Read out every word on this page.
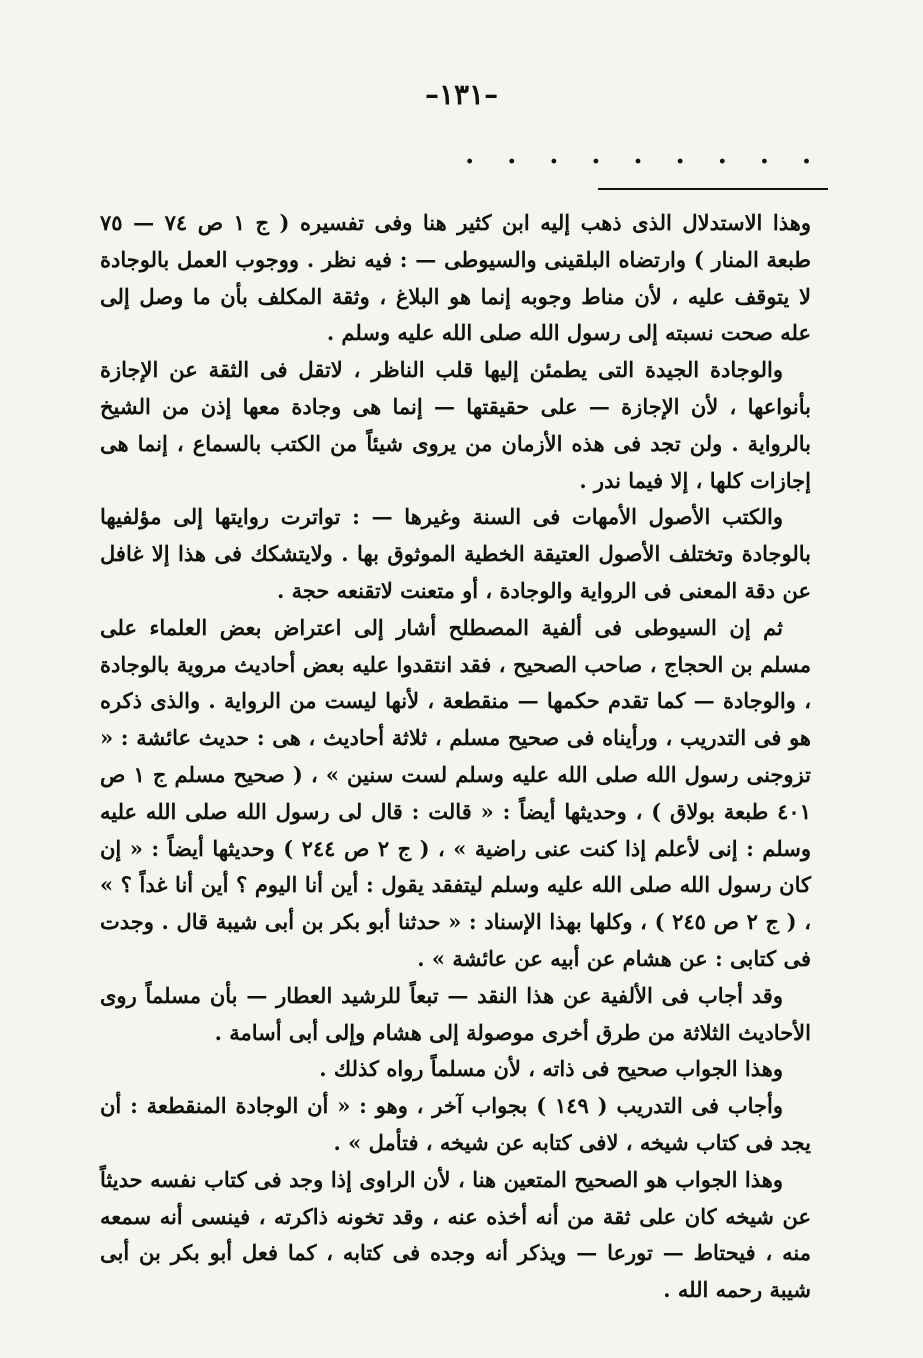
–١٣١–
. . . . . . . . .

وهذا الاستدلال الذى ذهب إليه ابن كثير هنا وفى تفسيره ( ج ١ ص ٧٤ — ٧٥ طبعة المنار ) وارتضاه البلقينى والسيوطى — : فيه نظر . ووجوب العمل بالوجادة لا يتوقف عليه ، لأن مناط وجوبه إنما هو البلاغ ، وثقة المكلف بأن ما وصل إلى عله صحت نسبته إلى رسول الله صلى الله عليه وسلم .

والوجادة الجيدة التى يطمئن إليها قلب الناظر ، لاتقل فى الثقة عن الإجازة بأنواعها ، لأن الإجازة — على حقيقتها — إنما هى وجادة معها إذن من الشيخ بالرواية . ولن تجد فى هذه الأزمان من يروى شيئاً من الكتب بالسماع ، إنما هى إجازات كلها ، إلا فيما ندر .

والكتب الأصول الأمهات فى السنة وغيرها — : تواترت روايتها إلى مؤلفيها بالوجادة وتختلف الأصول العتيقة الخطية الموثوق بها . ولايتشكك فى هذا إلا غافل عن دقة المعنى فى الرواية والوجادة ، أو متعنت لاتقنعه حجة .

ثم إن السيوطى فى ألفية المصطلح أشار إلى اعتراض بعض العلماء على مسلم بن الحجاج ، صاحب الصحيح ، فقد انتقدوا عليه بعض أحاديث مروية بالوجادة ، والوجادة — كما تقدم حكمها — منقطعة ، لأنها ليست من الرواية . والذى ذكره هو فى التدريب ، ورأيناه فى صحيح مسلم ، ثلاثة أحاديث ، هى : حديث عائشة : « تزوجنى رسول الله صلى الله عليه وسلم لست سنين » ، ( صحيح مسلم ج ١ ص ٤٠١ طبعة بولاق ) ، وحديثها أيضاً : « قالت : قال لى رسول الله صلى الله عليه وسلم : إنى لأعلم إذا كنت عنى راضية » ، ( ج ٢ ص ٢٤٤ ) وحديثها أيضاً : « إن كان رسول الله صلى الله عليه وسلم ليتفقد يقول : أين أنا اليوم ؟ أين أنا غداً ؟ » ، ( ج ٢ ص ٢٤٥ ) ، وكلها بهذا الإسناد : « حدثنا أبو بكر بن أبى شيبة قال . وجدت فى كتابى : عن هشام عن أبيه عن عائشة » .

وقد أجاب فى الألفية عن هذا النقد — تبعاً للرشيد العطار — بأن مسلماً روى الأحاديث الثلاثة من طرق أخرى موصولة إلى هشام وإلى أبى أسامة .

وهذا الجواب صحيح فى ذاته ، لأن مسلماً رواه كذلك .

وأجاب فى التدريب ( ١٤٩ ) بجواب آخر ، وهو : « أن الوجادة المنقطعة : أن يجد فى كتاب شيخه ، لافى كتابه عن شيخه ، فتأمل » .

وهذا الجواب هو الصحيح المتعين هنا ، لأن الراوى إذا وجد فى كتاب نفسه حديثاً عن شيخه كان على ثقة من أنه أخذه عنه ، وقد تخونه ذاكرته ، فينسى أنه سمعه منه ، فيحتاط — تورعا — ويذكر أنه وجده فى كتابه ، كما فعل أبو بكر بن أبى شيبة رحمه الله .
